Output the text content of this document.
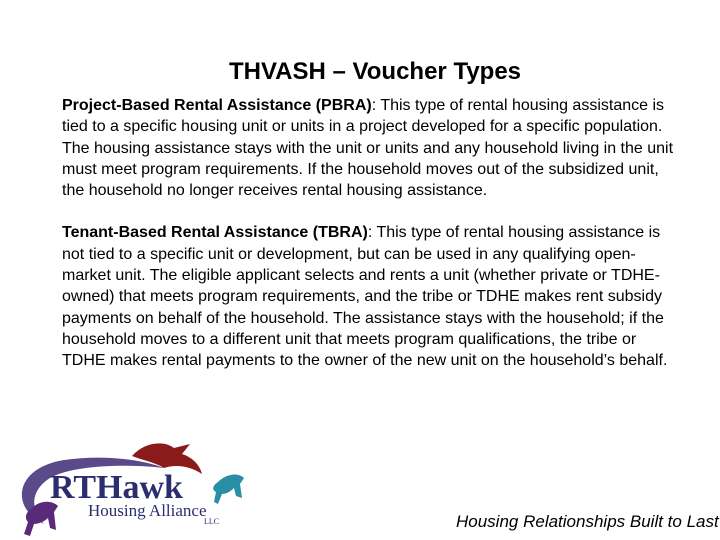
THVASH – Voucher Types

Project-Based Rental Assistance (PBRA): This type of rental housing assistance is tied to a specific housing unit or units in a project developed for a specific population. The housing assistance stays with the unit or units and any household living in the unit must meet program requirements. If the household moves out of the subsidized unit, the household no longer receives rental housing assistance.

Tenant-Based Rental Assistance (TBRA): This type of rental housing assistance is not tied to a specific unit or development, but can be used in any qualifying open-market unit. The eligible applicant selects and rents a unit (whether private or TDHE-owned) that meets program requirements, and the tribe or TDHE makes rent subsidy payments on behalf of the household. The assistance stays with the household; if the household moves to a different unit that meets program qualifications, the tribe or TDHE makes rental payments to the owner of the new unit on the household’s behalf.

RTHawk
Housing Alliance
LLC	Housing Relationships Built to Last
